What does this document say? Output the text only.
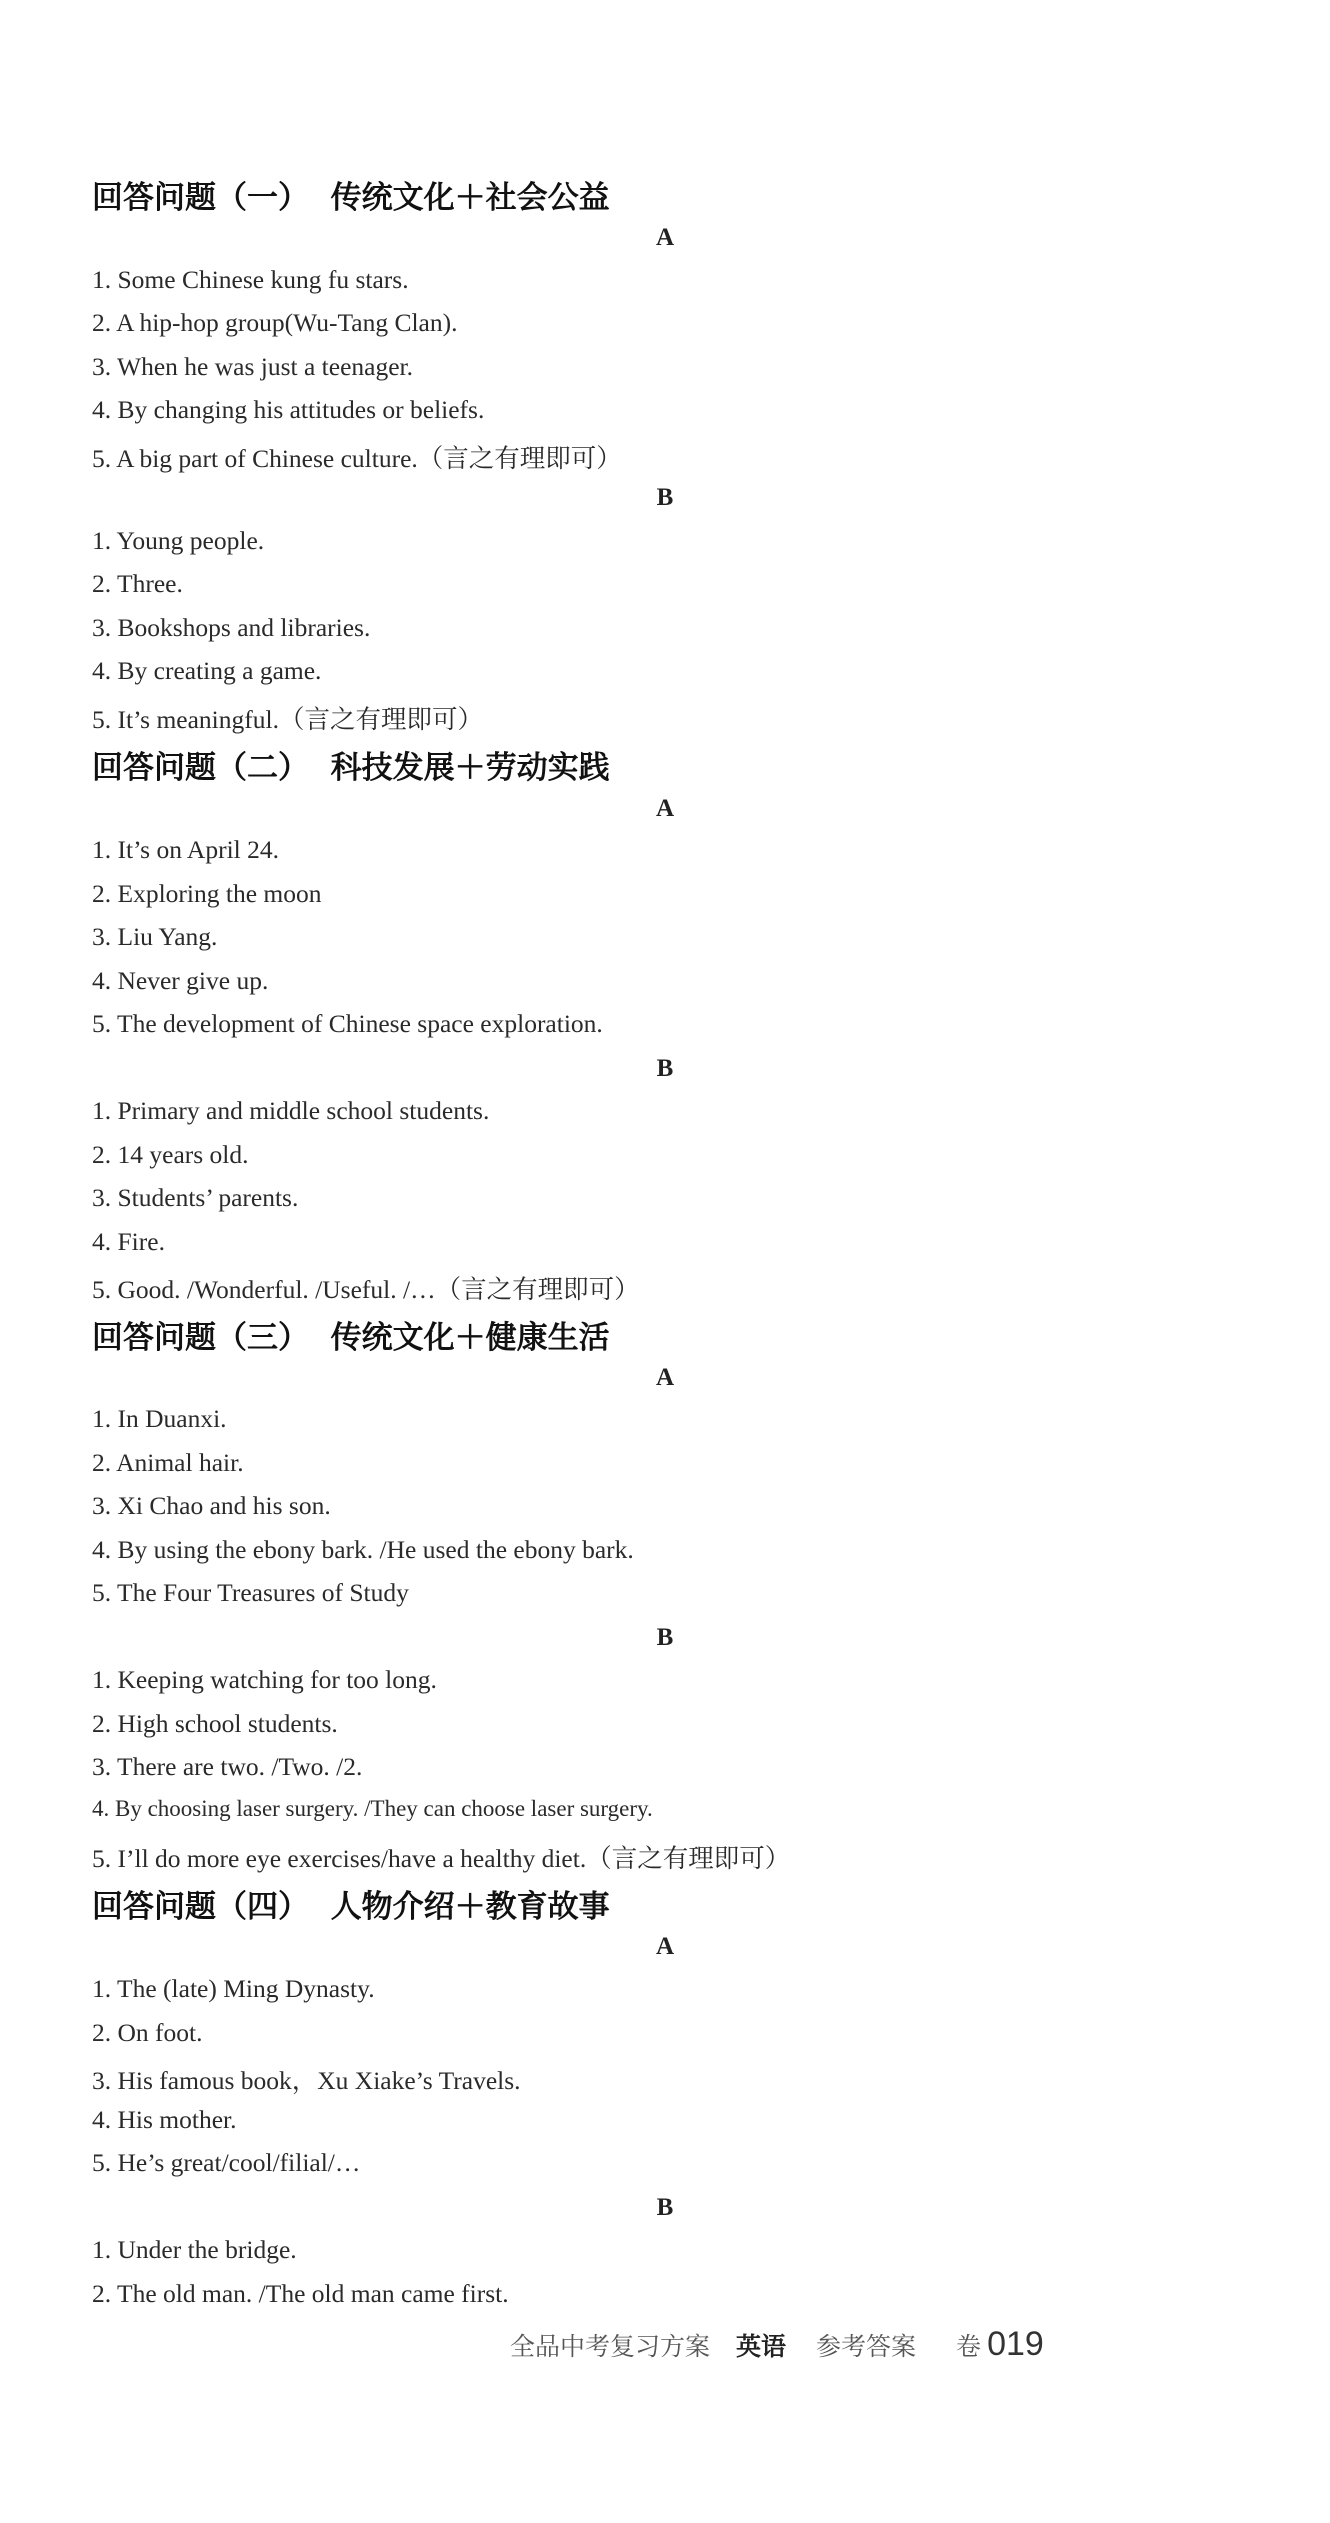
回答问题（一）  传统文化＋社会公益
A
1. Some Chinese kung fu stars.
2. A hip-hop group(Wu-Tang Clan).
3. When he was just a teenager.
4. By changing his attitudes or beliefs.
5. A big part of Chinese culture.（言之有理即可）
B
1. Young people.
2. Three.
3. Bookshops and libraries.
4. By creating a game.
5. It’s meaningful.（言之有理即可）
回答问题（二）  科技发展＋劳动实践
A
1. It’s on April 24.
2. Exploring the moon
3. Liu Yang.
4. Never give up.
5. The development of Chinese space exploration.
B
1. Primary and middle school students.
2. 14 years old.
3. Students’ parents.
4. Fire.
5. Good. /Wonderful. /Useful. /…（言之有理即可）
回答问题（三）  传统文化＋健康生活
A
1. In Duanxi.
2. Animal hair.
3. Xi Chao and his son.
4. By using the ebony bark. /He used the ebony bark.
5. The Four Treasures of Study
B
1. Keeping watching for too long.
2. High school students.
3. There are two. /Two. /2.
4. By choosing laser surgery. /They can choose laser surgery.
5. I’ll do more eye exercises/have a healthy diet.（言之有理即可）
回答问题（四）  人物介绍＋教育故事
A
1. The (late) Ming Dynasty.
2. On foot.
3. His famous book，Xu Xiake’s Travels.
4. His mother.
5. He’s great/cool/filial/…
B
1. Under the bridge.
2. The old man. /The old man came first.
全品中考复习方案 英语 参考答案 卷 019
